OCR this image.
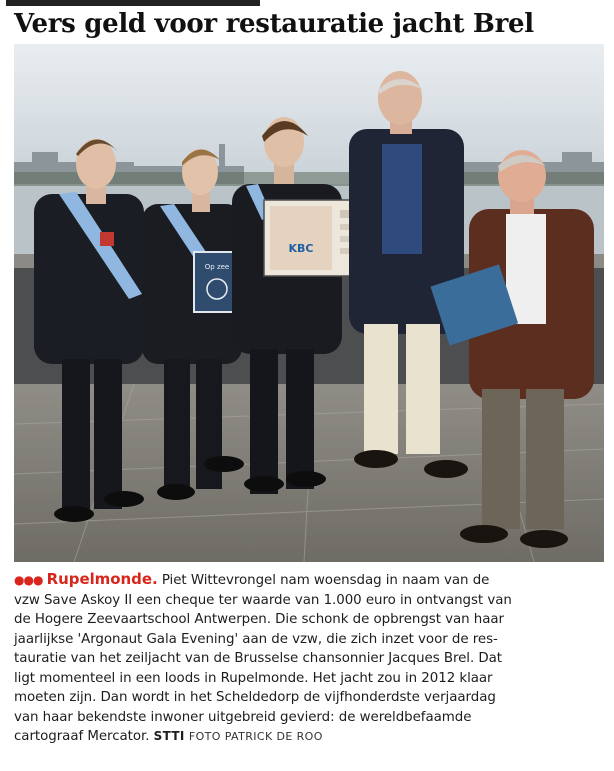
Vers geld voor restauratie jacht Brel
Op zee
KBC
●●● Rupelmonde. Piet Wittevrongel nam woensdag in naam van de
vzw Save Askoy II een cheque ter waarde van 1.000 euro in ontvangst van
de Hogere Zeevaartschool Antwerpen. Die schonk de opbrengst van haar
jaarlijkse 'Argonaut Gala Evening' aan de vzw, die zich inzet voor de res-
tauratie van het zeiljacht van de Brusselse chansonnier Jacques Brel. Dat
ligt momenteel in een loods in Rupelmonde. Het jacht zou in 2012 klaar
moeten zijn. Dan wordt in het Scheldedorp de vijfhonderdste verjaardag
van haar bekendste inwoner uitgebreid gevierd: de wereldbefaamde
cartograaf Mercator. STTI FOTO PATRICK DE ROO
